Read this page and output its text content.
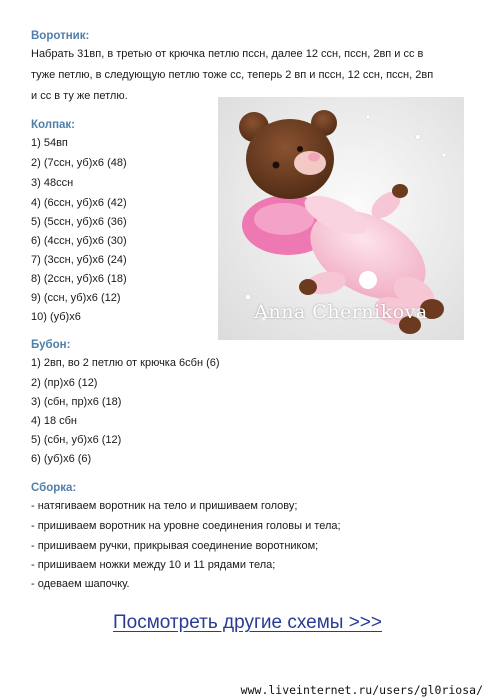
Воротник:
Набрать 31вп, в третью от крючка петлю пссн, далее 12 ссн, пссн, 2вп и сс в
туже петлю, в следующую петлю тоже сс, теперь 2 вп и пссн, 12 ссн, пссн, 2вп
и сс в ту же петлю.
Колпак:
1) 54вп
2) (7ссн, уб)х6 (48)
3) 48ссн
4) (6ссн, уб)х6 (42)
5) (5ссн, уб)х6 (36)
6) (4ссн, уб)х6 (30)
7) (3ссн, уб)х6 (24)
8) (2ссн, уб)х6 (18)
9) (ссн, уб)х6 (12)
10) (уб)х6
Бубон:
1) 2вп, во 2 петлю от крючка 6сбн (6)
2) (пр)х6 (12)
3) (сбн, пр)х6 (18)
4) 18 сбн
5) (сбн, уб)х6 (12)
6) (уб)х6 (6)
Сборка:
- натягиваем воротник на тело и пришиваем голову;
- пришиваем воротник на уровне соединения головы и тела;
- пришиваем ручки, прикрывая соединение воротником;
- пришиваем ножки между 10 и 11 рядами тела;
- одеваем шапочку.
Anna Chernikova
Посмотреть другие схемы >>>
www.liveinternet.ru/users/gl0riosa/
